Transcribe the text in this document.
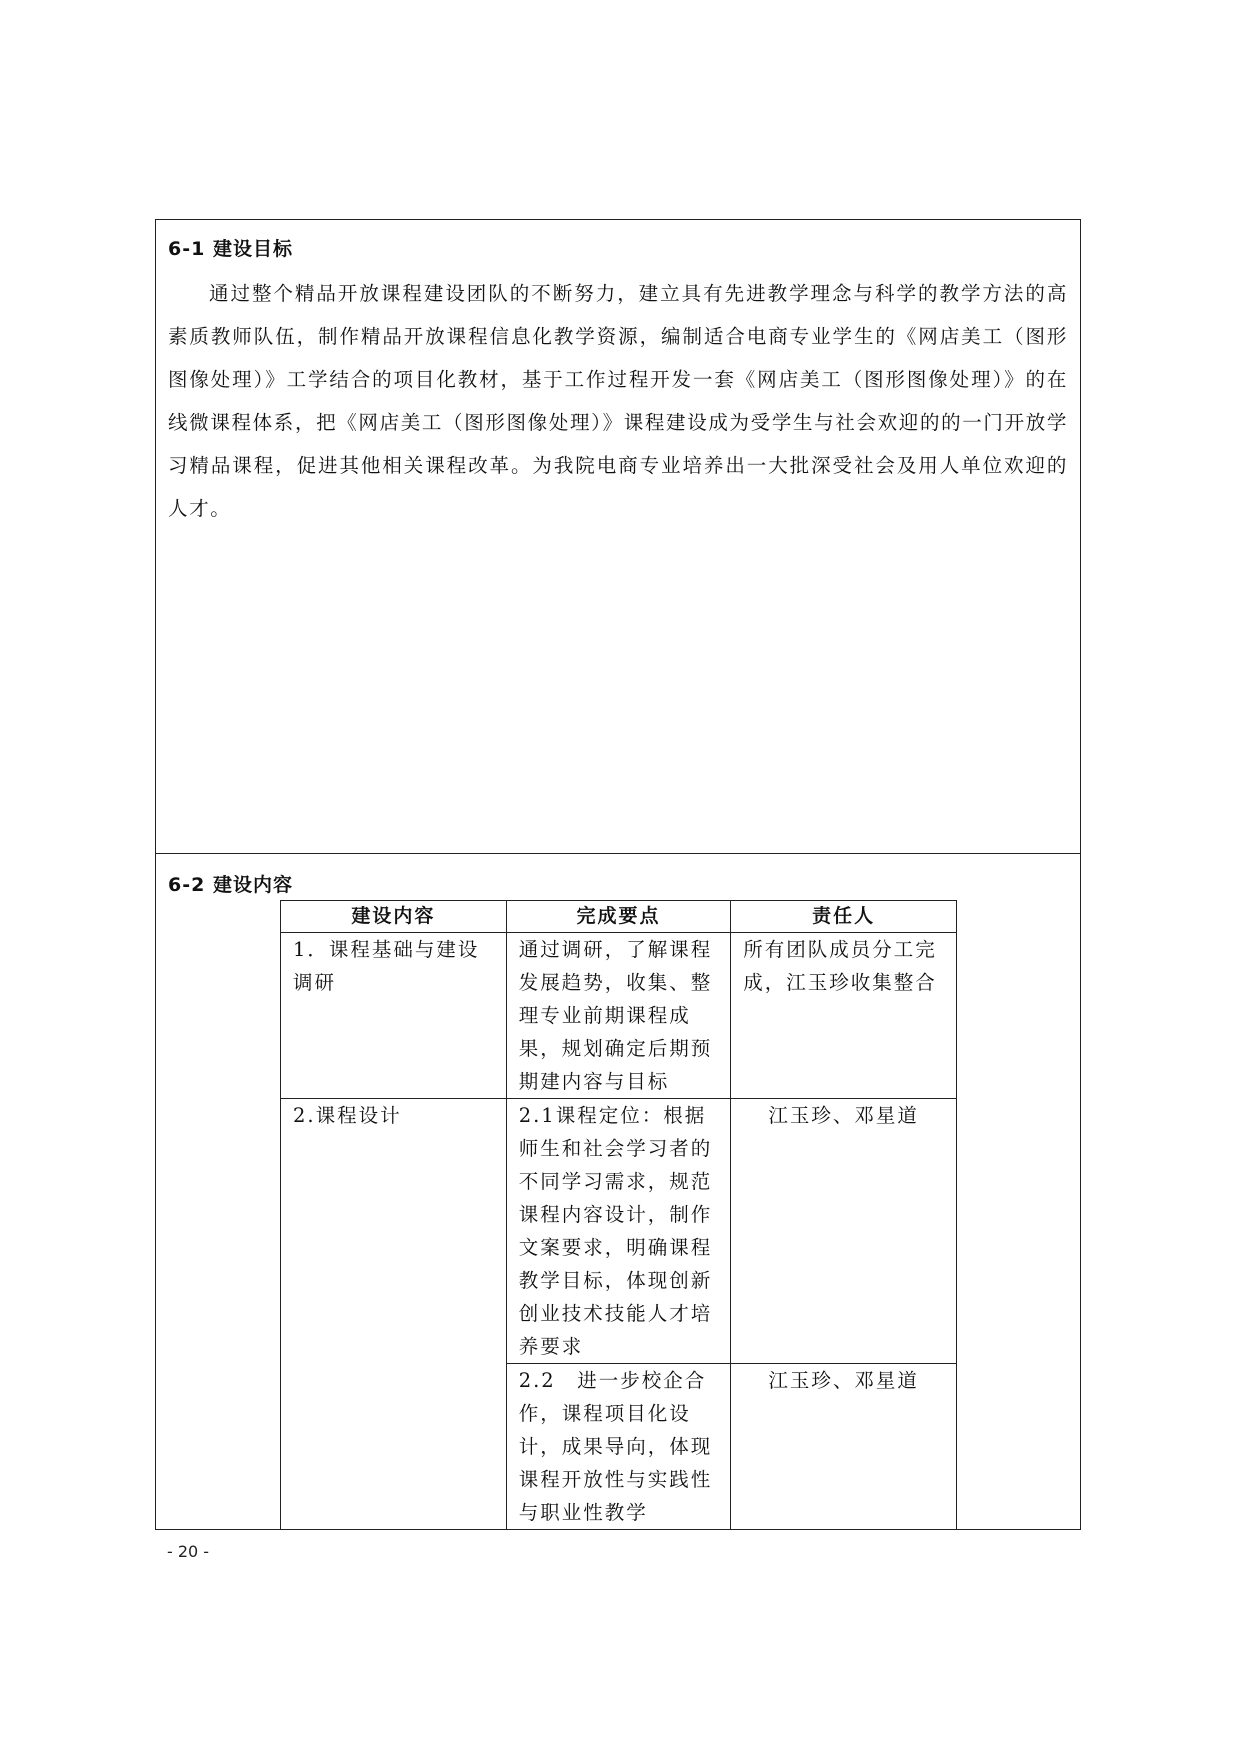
6-1 建设目标

通过整个精品开放课程建设团队的不断努力，建立具有先进教学理念与科学的教学方法的高素质教师队伍，制作精品开放课程信息化教学资源，编制适合电商专业学生的《网店美工（图形图像处理）》工学结合的项目化教材，基于工作过程开发一套《网店美工（图形图像处理）》的在线微课程体系，把《网店美工（图形图像处理）》课程建设成为受学生与社会欢迎的的一门开放学习精品课程，促进其他相关课程改革。为我院电商专业培养出一大批深受社会及用人单位欢迎的人才。

6-2 建设内容
建设内容	完成要点	责任人
1．课程基础与建设调研	通过调研，了解课程发展趋势，收集、整理专业前期课程成果，规划确定后期预期建内容与目标	所有团队成员分工完成，江玉珍收集整合
2.课程设计	2.1课程定位：根据师生和社会学习者的不同学习需求，规范课程内容设计，制作文案要求，明确课程教学目标，体现创新创业技术技能人才培养要求	江玉珍、邓星道
	2.2　进一步校企合作，课程项目化设计，成果导向，体现课程开放性与实践性与职业性教学	江玉珍、邓星道
- 20 -
